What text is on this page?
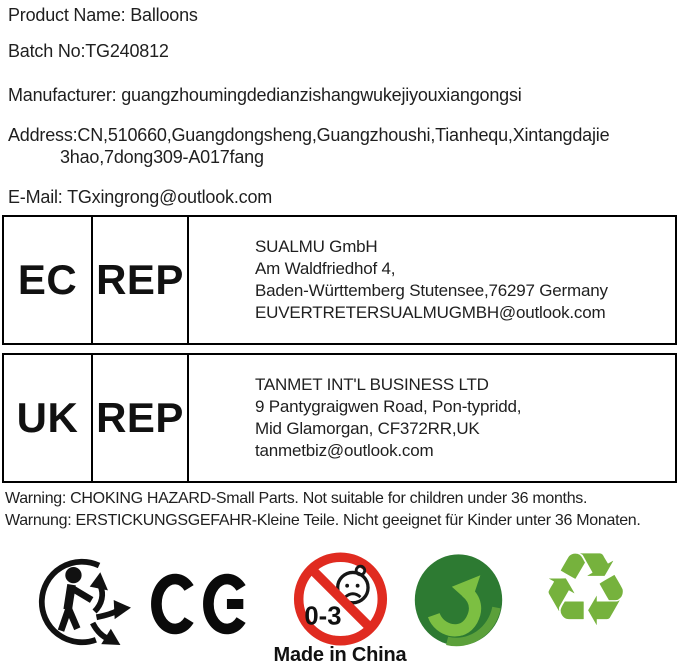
Product Name: Balloons
Batch No:TG240812
Manufacturer: guangzhoumingdedianzishangwukejiyouxiangongsi
Address:CN,510660,Guangdongsheng,Guangzhoushi,Tianhequ,Xintangdajie
3hao,7dong309-A017fang
E-Mail: TGxingrong@outlook.com
EC REP
SUALMU GmbH
Am Waldfriedhof 4,
Baden-Württemberg Stutensee,76297 Germany
EUVERTRETERSUALMUGMBH@outlook.com
UK REP
TANMET INT'L BUSINESS LTD
9 Pantygraigwen Road, Pon-typridd,
Mid Glamorgan, CF372RR,UK
tanmetbiz@outlook.com
Warning: CHOKING HAZARD-Small Parts. Not suitable for children under 36 months.
Warnung: ERSTICKUNGSGEFAHR-Kleine Teile. Nicht geeignet für Kinder unter 36 Monaten.
0-3 ♻
Made in China
